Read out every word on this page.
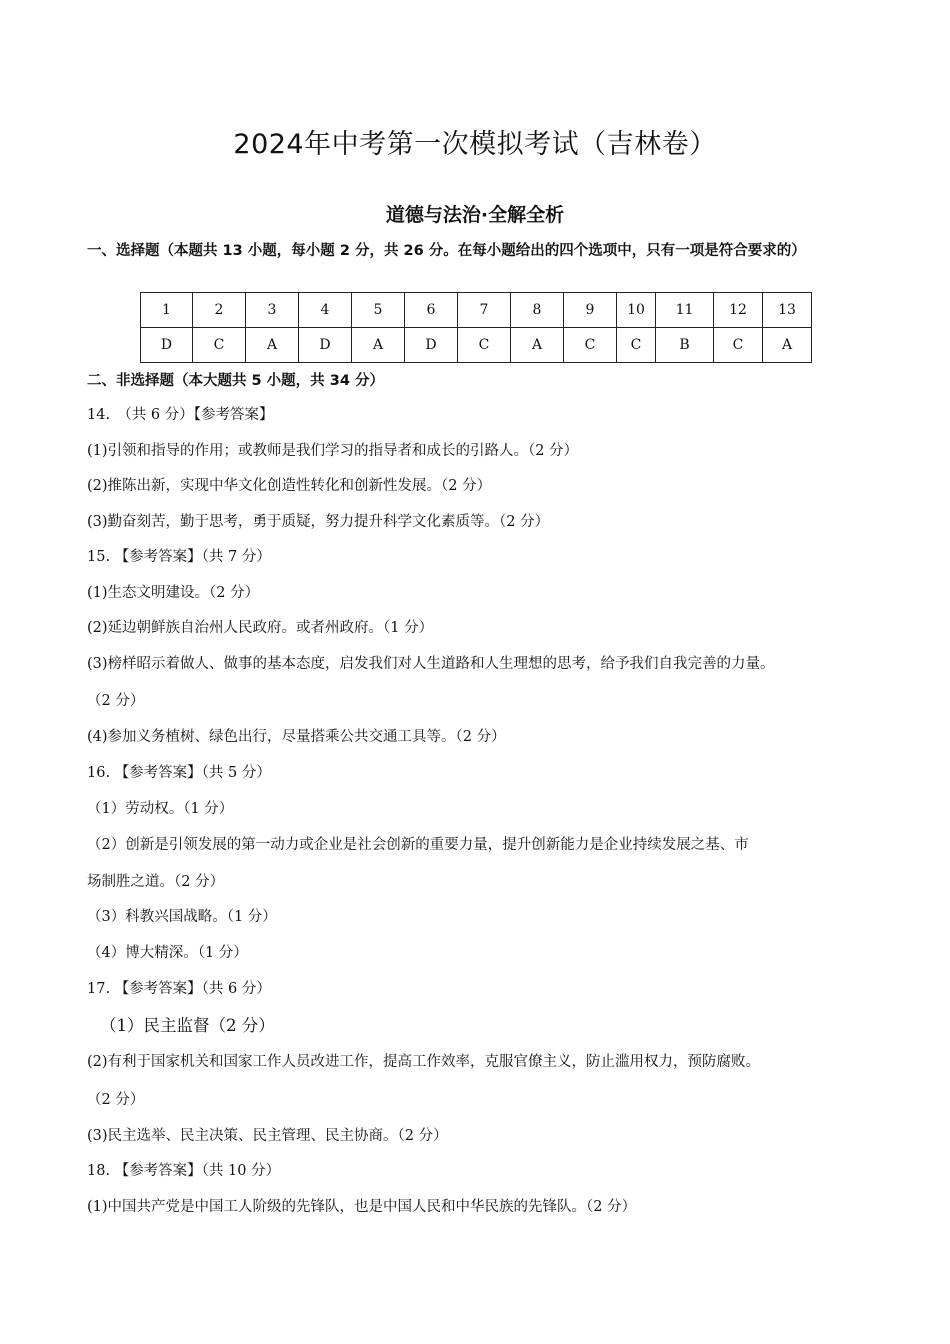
2024年中考第一次模拟考试（吉林卷）
道德与法治·全解全析
一、选择题（本题共 13 小题，每小题 2 分，共 26 分。在每小题给出的四个选项中，只有一项是符合要求的）
1	2	3	4	5	6	7	8	9	10	11	12	13
D	C	A	D	A	D	C	A	C	C	B	C	A
二、非选择题（本大题共 5 小题，共 34 分）
14.　（共 6 分）【参考答案】
(1)引领和指导的作用；或教师是我们学习的指导者和成长的引路人。（2 分）
(2)推陈出新，实现中华文化创造性转化和创新性发展。（2 分）
(3)勤奋刻苦，勤于思考，勇于质疑，努力提升科学文化素质等。（2 分）
15. 【参考答案】（共 7 分）
(1)生态文明建设。（2 分）
(2)延边朝鲜族自治州人民政府。或者州政府。（1 分）
(3)榜样昭示着做人、做事的基本态度，启发我们对人生道路和人生理想的思考，给予我们自我完善的力量。
（2 分）
(4)参加义务植树、绿色出行，尽量搭乘公共交通工具等。（2 分）
16. 【参考答案】（共 5 分）
（1）劳动权。（1 分）
（2）创新是引领发展的第一动力或企业是社会创新的重要力量，提升创新能力是企业持续发展之基、市
场制胜之道。（2 分）
（3）科教兴国战略。（1 分）
（4）博大精深。（1 分）
17. 【参考答案】（共 6 分）
（1）民主监督（2 分）
(2)有利于国家机关和国家工作人员改进工作，提高工作效率，克服官僚主义，防止滥用权力，预防腐败。
（2 分）
(3)民主选举、民主决策、民主管理、民主协商。（2 分）
18. 【参考答案】（共 10 分）
(1)中国共产党是中国工人阶级的先锋队，也是中国人民和中华民族的先锋队。（2 分）
